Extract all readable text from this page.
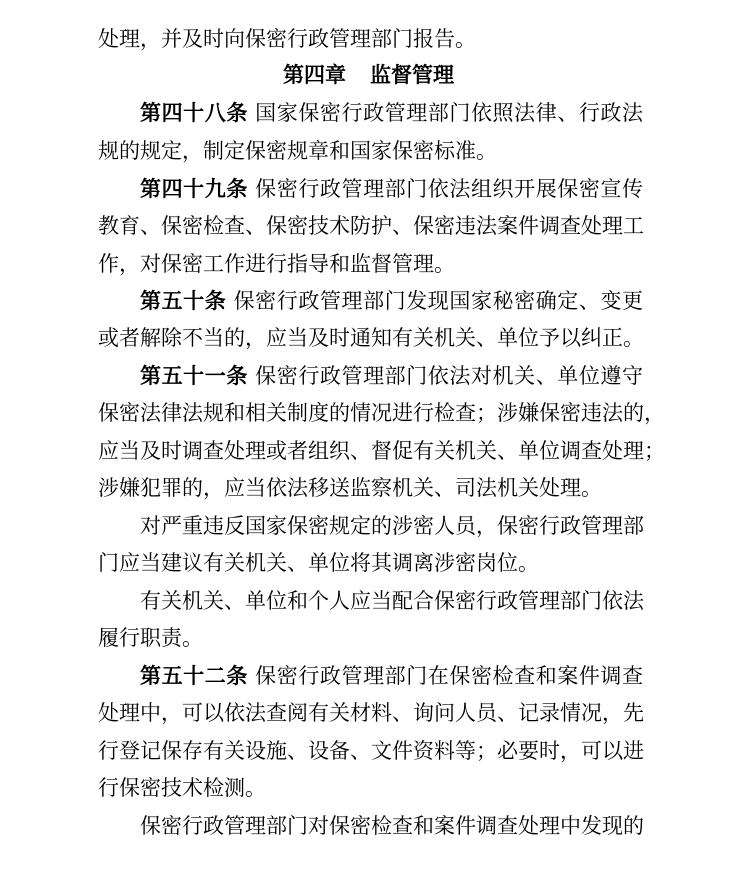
处理，并及时向保密行政管理部门报告。
第四章 监督管理
第四十八条 国家保密行政管理部门依照法律、行政法
规的规定，制定保密规章和国家保密标准。
第四十九条 保密行政管理部门依法组织开展保密宣传
教育、保密检查、保密技术防护、保密违法案件调查处理工
作，对保密工作进行指导和监督管理。
第五十条 保密行政管理部门发现国家秘密确定、变更
或者解除不当的，应当及时通知有关机关、单位予以纠正。
第五十一条 保密行政管理部门依法对机关、单位遵守
保密法律法规和相关制度的情况进行检查；涉嫌保密违法的，
应当及时调查处理或者组织、督促有关机关、单位调查处理；
涉嫌犯罪的，应当依法移送监察机关、司法机关处理。
对严重违反国家保密规定的涉密人员，保密行政管理部
门应当建议有关机关、单位将其调离涉密岗位。
有关机关、单位和个人应当配合保密行政管理部门依法
履行职责。
第五十二条 保密行政管理部门在保密检查和案件调查
处理中，可以依法查阅有关材料、询问人员、记录情况，先
行登记保存有关设施、设备、文件资料等；必要时，可以进
行保密技术检测。
保密行政管理部门对保密检查和案件调查处理中发现的
